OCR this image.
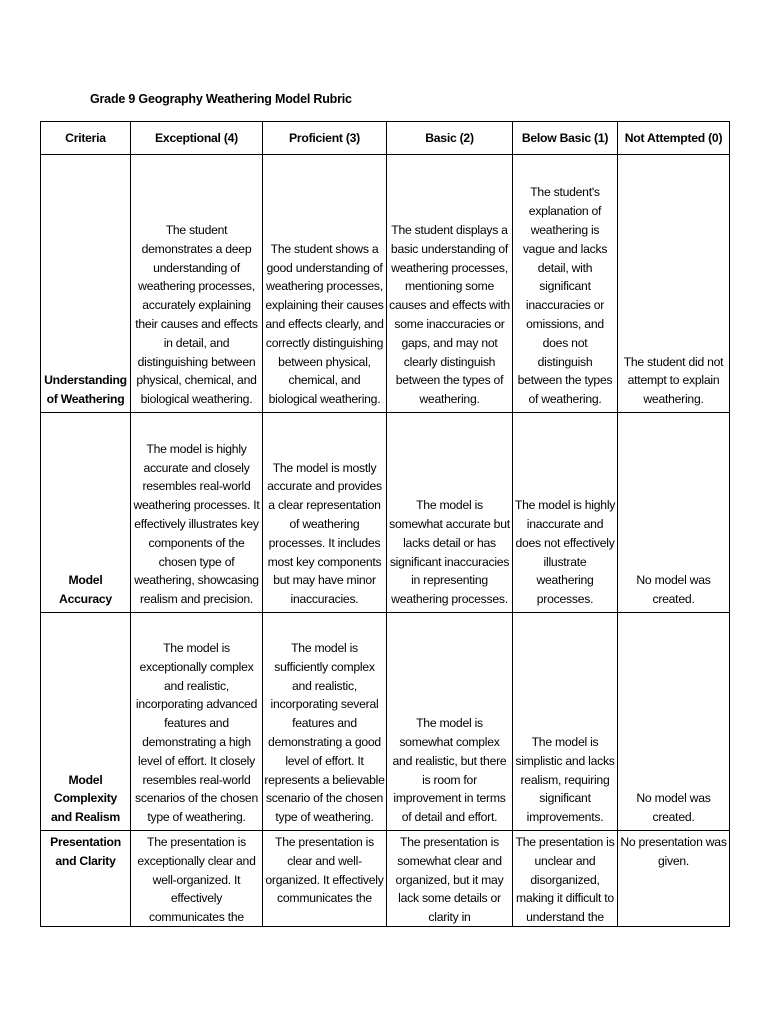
Grade 9 Geography Weathering Model Rubric
Criteria	Exceptional (4)	Proficient (3)	Basic (2)	Below Basic (1)	Not Attempted (0)
Understanding of Weathering	The student demonstrates a deep understanding of weathering processes, accurately explaining their causes and effects in detail, and distinguishing between physical, chemical, and biological weathering.	The student shows a good understanding of weathering processes, explaining their causes and effects clearly, and correctly distinguishing between physical, chemical, and biological weathering.	The student displays a basic understanding of weathering processes, mentioning some causes and effects with some inaccuracies or gaps, and may not clearly distinguish between the types of weathering.	The student's explanation of weathering is vague and lacks detail, with significant inaccuracies or omissions, and does not distinguish between the types of weathering.	The student did not attempt to explain weathering.
Model Accuracy	The model is highly accurate and closely resembles real-world weathering processes. It effectively illustrates key components of the chosen type of weathering, showcasing realism and precision.	The model is mostly accurate and provides a clear representation of weathering processes. It includes most key components but may have minor inaccuracies.	The model is somewhat accurate but lacks detail or has significant inaccuracies in representing weathering processes.	The model is highly inaccurate and does not effectively illustrate weathering processes.	No model was created.
Model Complexity and Realism	The model is exceptionally complex and realistic, incorporating advanced features and demonstrating a high level of effort. It closely resembles real-world scenarios of the chosen type of weathering.	The model is sufficiently complex and realistic, incorporating several features and demonstrating a good level of effort. It represents a believable scenario of the chosen type of weathering.	The model is somewhat complex and realistic, but there is room for improvement in terms of detail and effort.	The model is simplistic and lacks realism, requiring significant improvements.	No model was created.

Presentation and Clarity	The presentation is exceptionally clear and well-organized. It effectively communicates the	The presentation is clear and well-organized. It effectively communicates the	The presentation is somewhat clear and organized, but it may lack some details or clarity in	The presentation is unclear and disorganized, making it difficult to understand the	No presentation was given.
